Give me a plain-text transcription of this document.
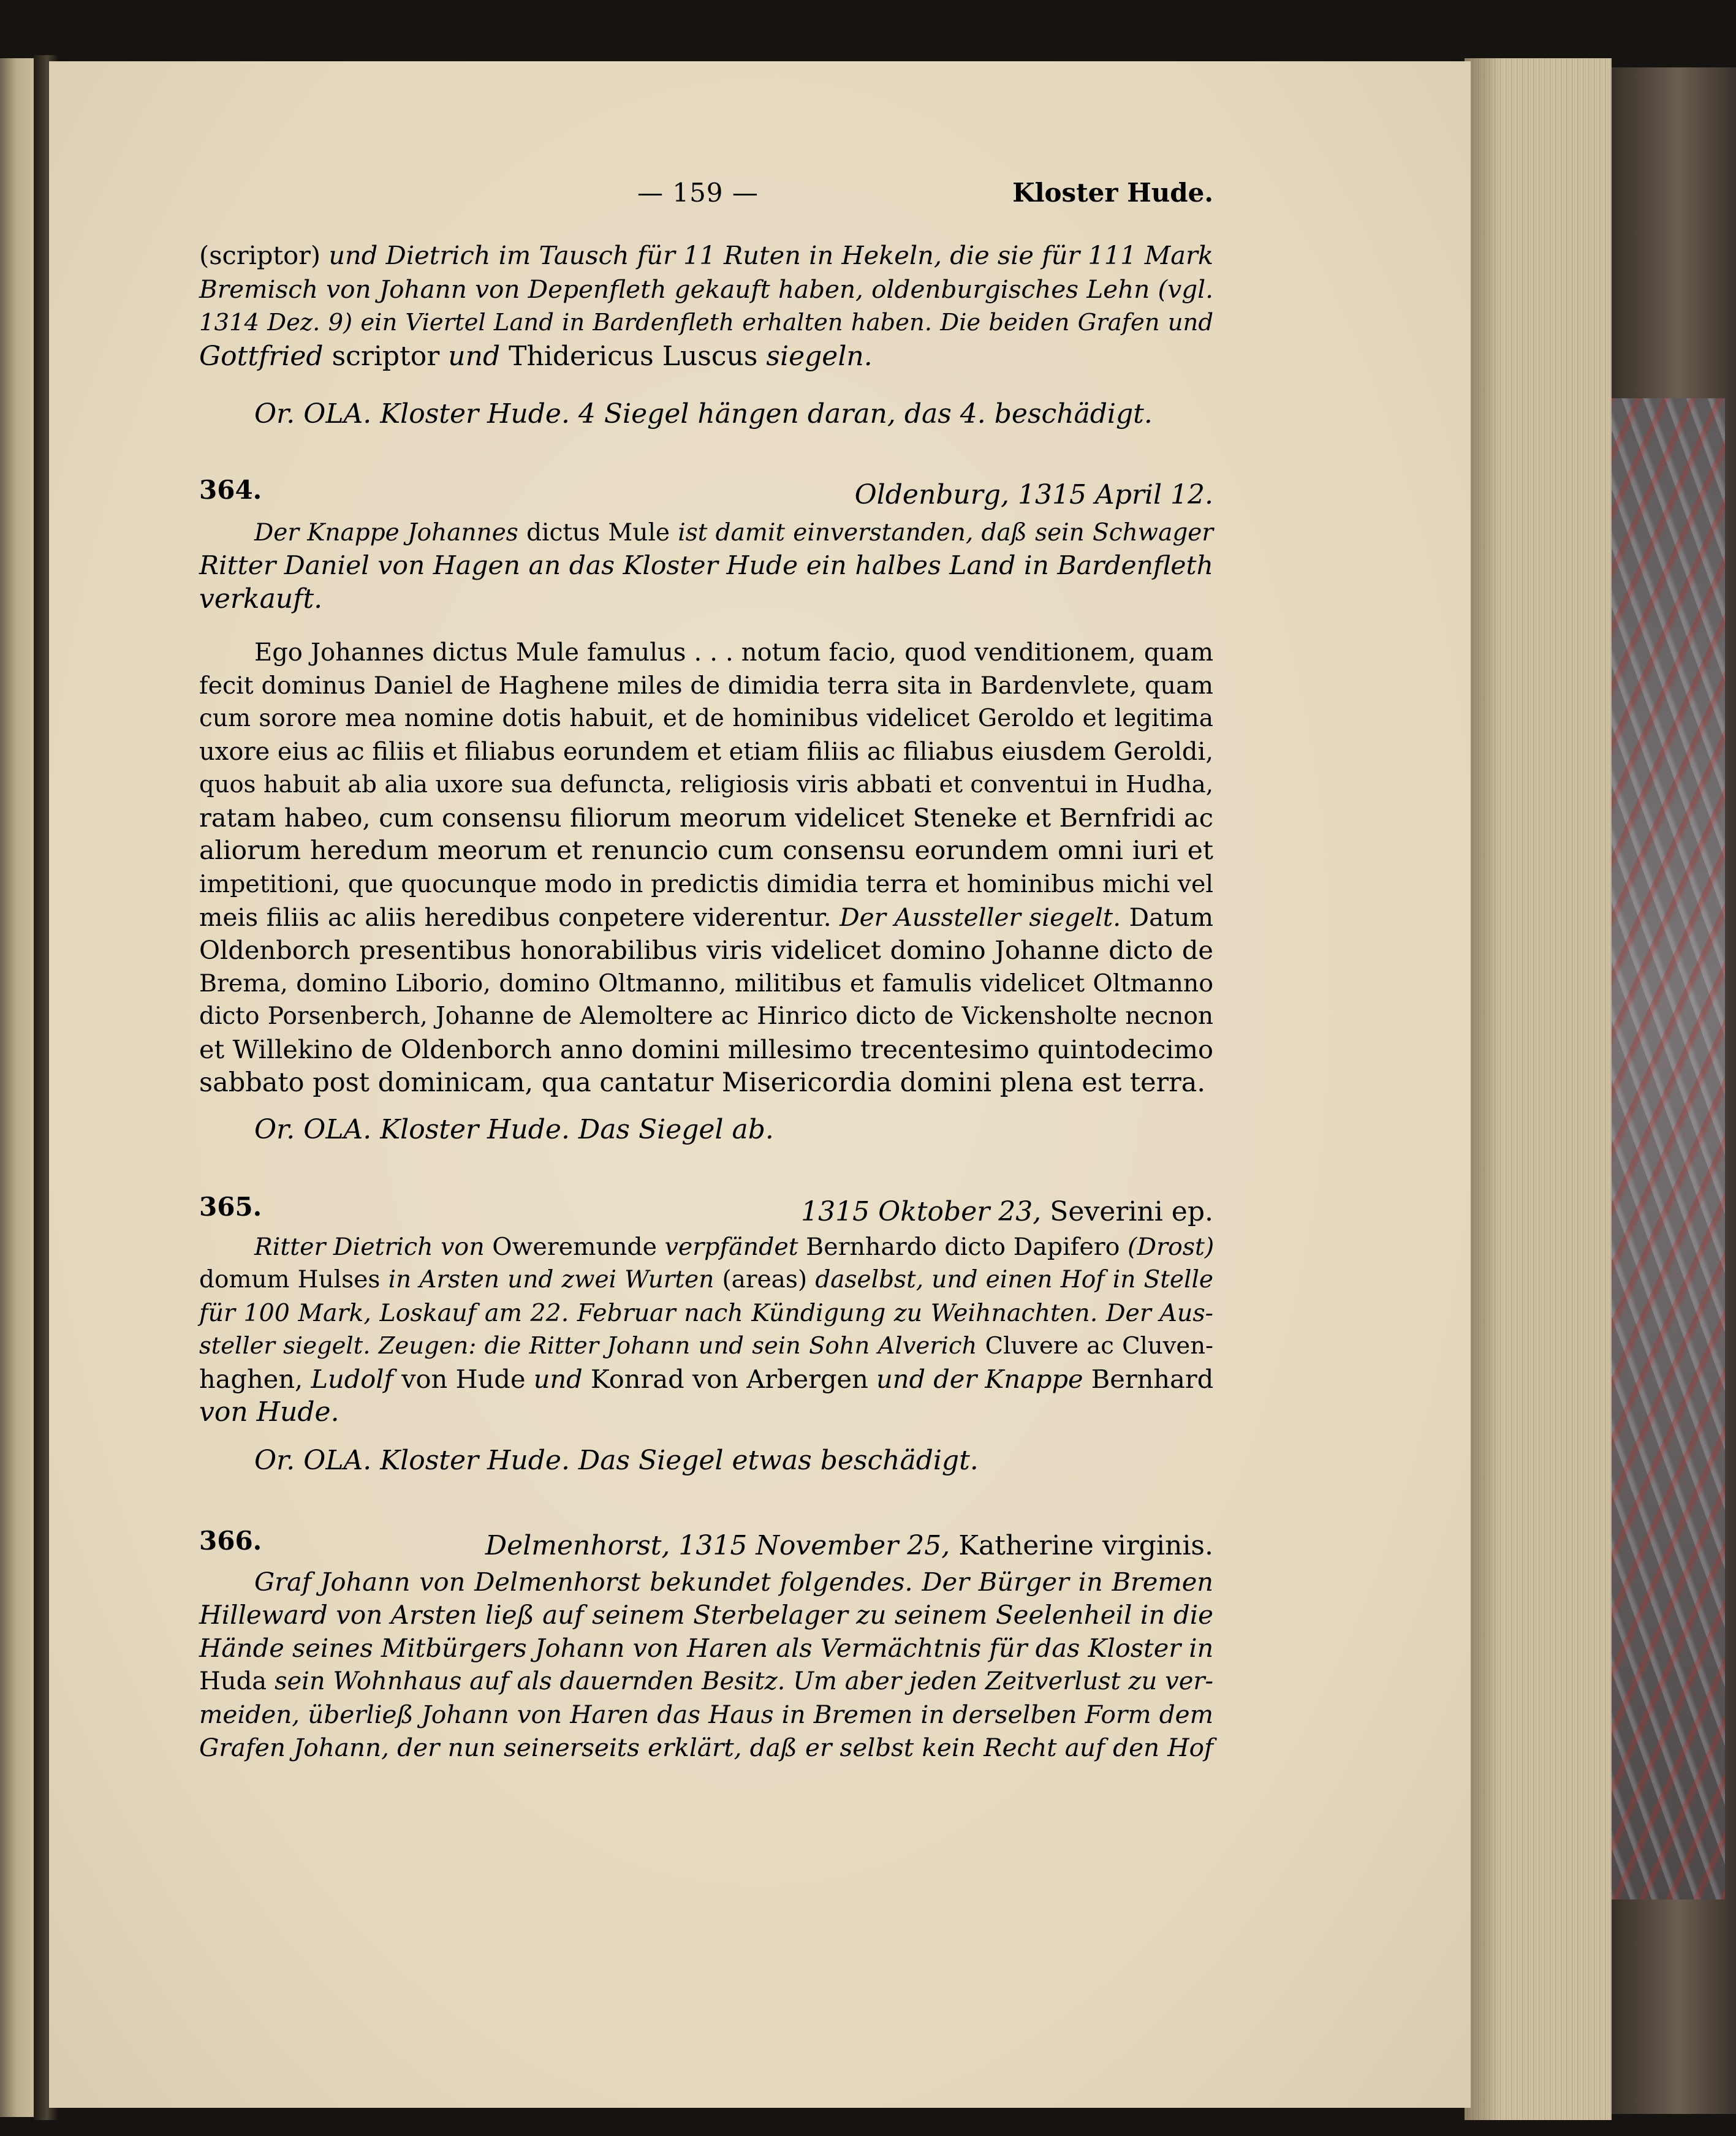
— 159 —	Kloster Hude.
(scriptor) und Dietrich im Tausch für 11 Ruten in Hekeln, die sie für 111 Mark
Bremisch von Johann von Depenfleth gekauft haben, oldenburgisches Lehn (vgl.
1314 Dez. 9) ein Viertel Land in Bardenfleth erhalten haben. Die beiden Grafen und
Gottfried scriptor und Thidericus Luscus siegeln.
Or. OLA. Kloster Hude. 4 Siegel hängen daran, das 4. beschädigt.
364.	Oldenburg, 1315 April 12.
Der Knappe Johannes dictus Mule ist damit einverstanden, daß sein Schwager
Ritter Daniel von Hagen an das Kloster Hude ein halbes Land in Bardenfleth
verkauft.
Ego Johannes dictus Mule famulus . . . notum facio, quod venditionem, quam
fecit dominus Daniel de Haghene miles de dimidia terra sita in Bardenvlete, quam
cum sorore mea nomine dotis habuit, et de hominibus videlicet Geroldo et legitima
uxore eius ac filiis et filiabus eorundem et etiam filiis ac filiabus eiusdem Geroldi,
quos habuit ab alia uxore sua defuncta, religiosis viris abbati et conventui in Hudha,
ratam habeo, cum consensu filiorum meorum videlicet Steneke et Bernfridi ac
aliorum heredum meorum et renuncio cum consensu eorundem omni iuri et
impetitioni, que quocunque modo in predictis dimidia terra et hominibus michi vel
meis filiis ac aliis heredibus conpetere viderentur. Der Aussteller siegelt. Datum
Oldenborch presentibus honorabilibus viris videlicet domino Johanne dicto de
Brema, domino Liborio, domino Oltmanno, militibus et famulis videlicet Oltmanno
dicto Porsenberch, Johanne de Alemoltere ac Hinrico dicto de Vickensholte necnon
et Willekino de Oldenborch anno domini millesimo trecentesimo quintodecimo
sabbato post dominicam, qua cantatur Misericordia domini plena est terra.
Or. OLA. Kloster Hude. Das Siegel ab.
365.	1315 Oktober 23, Severini ep.
Ritter Dietrich von Oweremunde verpfändet Bernhardo dicto Dapifero (Drost)
domum Hulses in Arsten und zwei Wurten (areas) daselbst, und einen Hof in Stelle
für 100 Mark, Loskauf am 22. Februar nach Kündigung zu Weihnachten. Der Aus-
steller siegelt. Zeugen: die Ritter Johann und sein Sohn Alverich Cluvere ac Cluven-
haghen, Ludolf von Hude und Konrad von Arbergen und der Knappe Bernhard
von Hude.
Or. OLA. Kloster Hude. Das Siegel etwas beschädigt.
366.	Delmenhorst, 1315 November 25, Katherine virginis.
Graf Johann von Delmenhorst bekundet folgendes. Der Bürger in Bremen
Hilleward von Arsten ließ auf seinem Sterbelager zu seinem Seelenheil in die
Hände seines Mitbürgers Johann von Haren als Vermächtnis für das Kloster in
Huda sein Wohnhaus auf als dauernden Besitz. Um aber jeden Zeitverlust zu ver-
meiden, überließ Johann von Haren das Haus in Bremen in derselben Form dem
Grafen Johann, der nun seinerseits erklärt, daß er selbst kein Recht auf den Hof
